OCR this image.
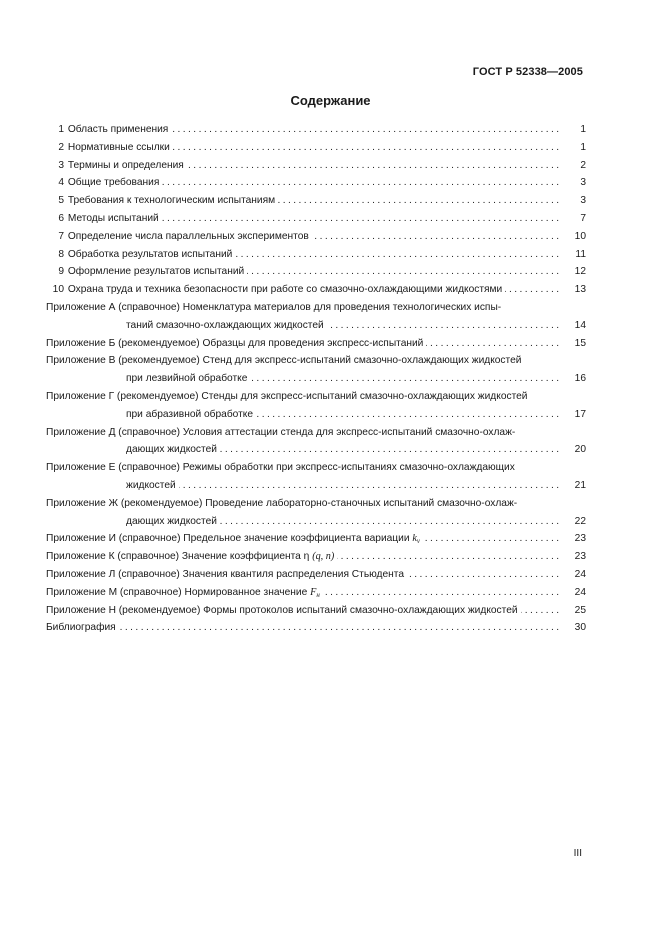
ГОСТ Р 52338—2005
Содержание
1 Область применения	1
. . .
2 Нормативные ссылки	1
. . .
3 Термины и определения	2
. . .
4 Общие требования	3
. . .
5 Требования к технологическим испытаниям	3
. . .
6 Методы испытаний	7
. . .
7 Определение числа параллельных экспериментов	10
. . .
8 Обработка результатов испытаний	11
. . .
9 Оформление результатов испытаний	12
. . .
10 Охрана труда и техника безопасности при работе со смазочно-охлаждающими жидкостями	13
. . .
Приложение А (справочное) Номенклатура материалов для проведения технологических испы-
таний смазочно-охлаждающих жидкостей	14
. . .
Приложение Б (рекомендуемое) Образцы для проведения экспресс-испытаний	15
. . .
Приложение В (рекомендуемое) Стенд для экспресс-испытаний смазочно-охлаждающих жидкостей
при лезвийной обработке	16
. . .
Приложение Г (рекомендуемое) Стенды для экспресс-испытаний смазочно-охлаждающих жидкостей
при абразивной обработке	17
. . .
Приложение Д (справочное) Условия аттестации стенда для экспресс-испытаний смазочно-охлаж-
дающих жидкостей	20
. . .
Приложение Е (справочное) Режимы обработки при экспресс-испытаниях смазочно-охлаждающих
жидкостей	21
. . .
Приложение Ж (рекомендуемое) Проведение лабораторно-станочных испытаний смазочно-охлаж-
дающих жидкостей	22
. . .
Приложение И (справочное) Предельное значение коэффициента вариации $k_v$	23
. . .
Приложение К (справочное) Значение коэффициента η (q, n)	23
. . .
Приложение Л (справочное) Значения квантиля распределения Стьюдента	24
. . .
Приложение М (справочное) Нормированное значение $F_н$	24
. . .
Приложение Н (рекомендуемое) Формы протоколов испытаний смазочно-охлаждающих жидкостей	25
. . .
Библиография	30
. . .
III
